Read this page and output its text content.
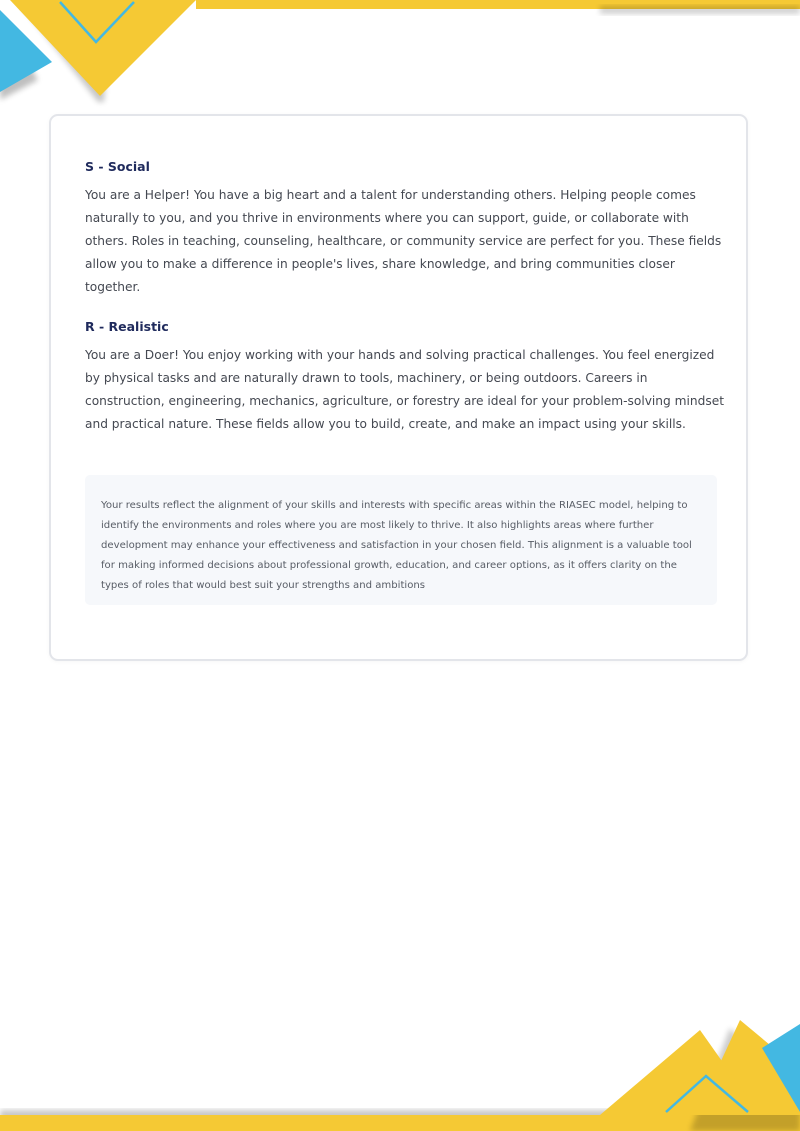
S - Social

You are a Helper! You have a big heart and a talent for understanding others. Helping people comes naturally to you, and you thrive in environments where you can support, guide, or collaborate with others. Roles in teaching, counseling, healthcare, or community service are perfect for you. These fields allow you to make a difference in people's lives, share knowledge, and bring communities closer together.

R - Realistic

You are a Doer! You enjoy working with your hands and solving practical challenges. You feel energized by physical tasks and are naturally drawn to tools, machinery, or being outdoors. Careers in construction, engineering, mechanics, agriculture, or forestry are ideal for your problem-solving mindset and practical nature. These fields allow you to build, create, and make an impact using your skills.

Your results reflect the alignment of your skills and interests with specific areas within the RIASEC model, helping to identify the environments and roles where you are most likely to thrive. It also highlights areas where further development may enhance your effectiveness and satisfaction in your chosen field. This alignment is a valuable tool for making informed decisions about professional growth, education, and career options, as it offers clarity on the types of roles that would best suit your strengths and ambitions
